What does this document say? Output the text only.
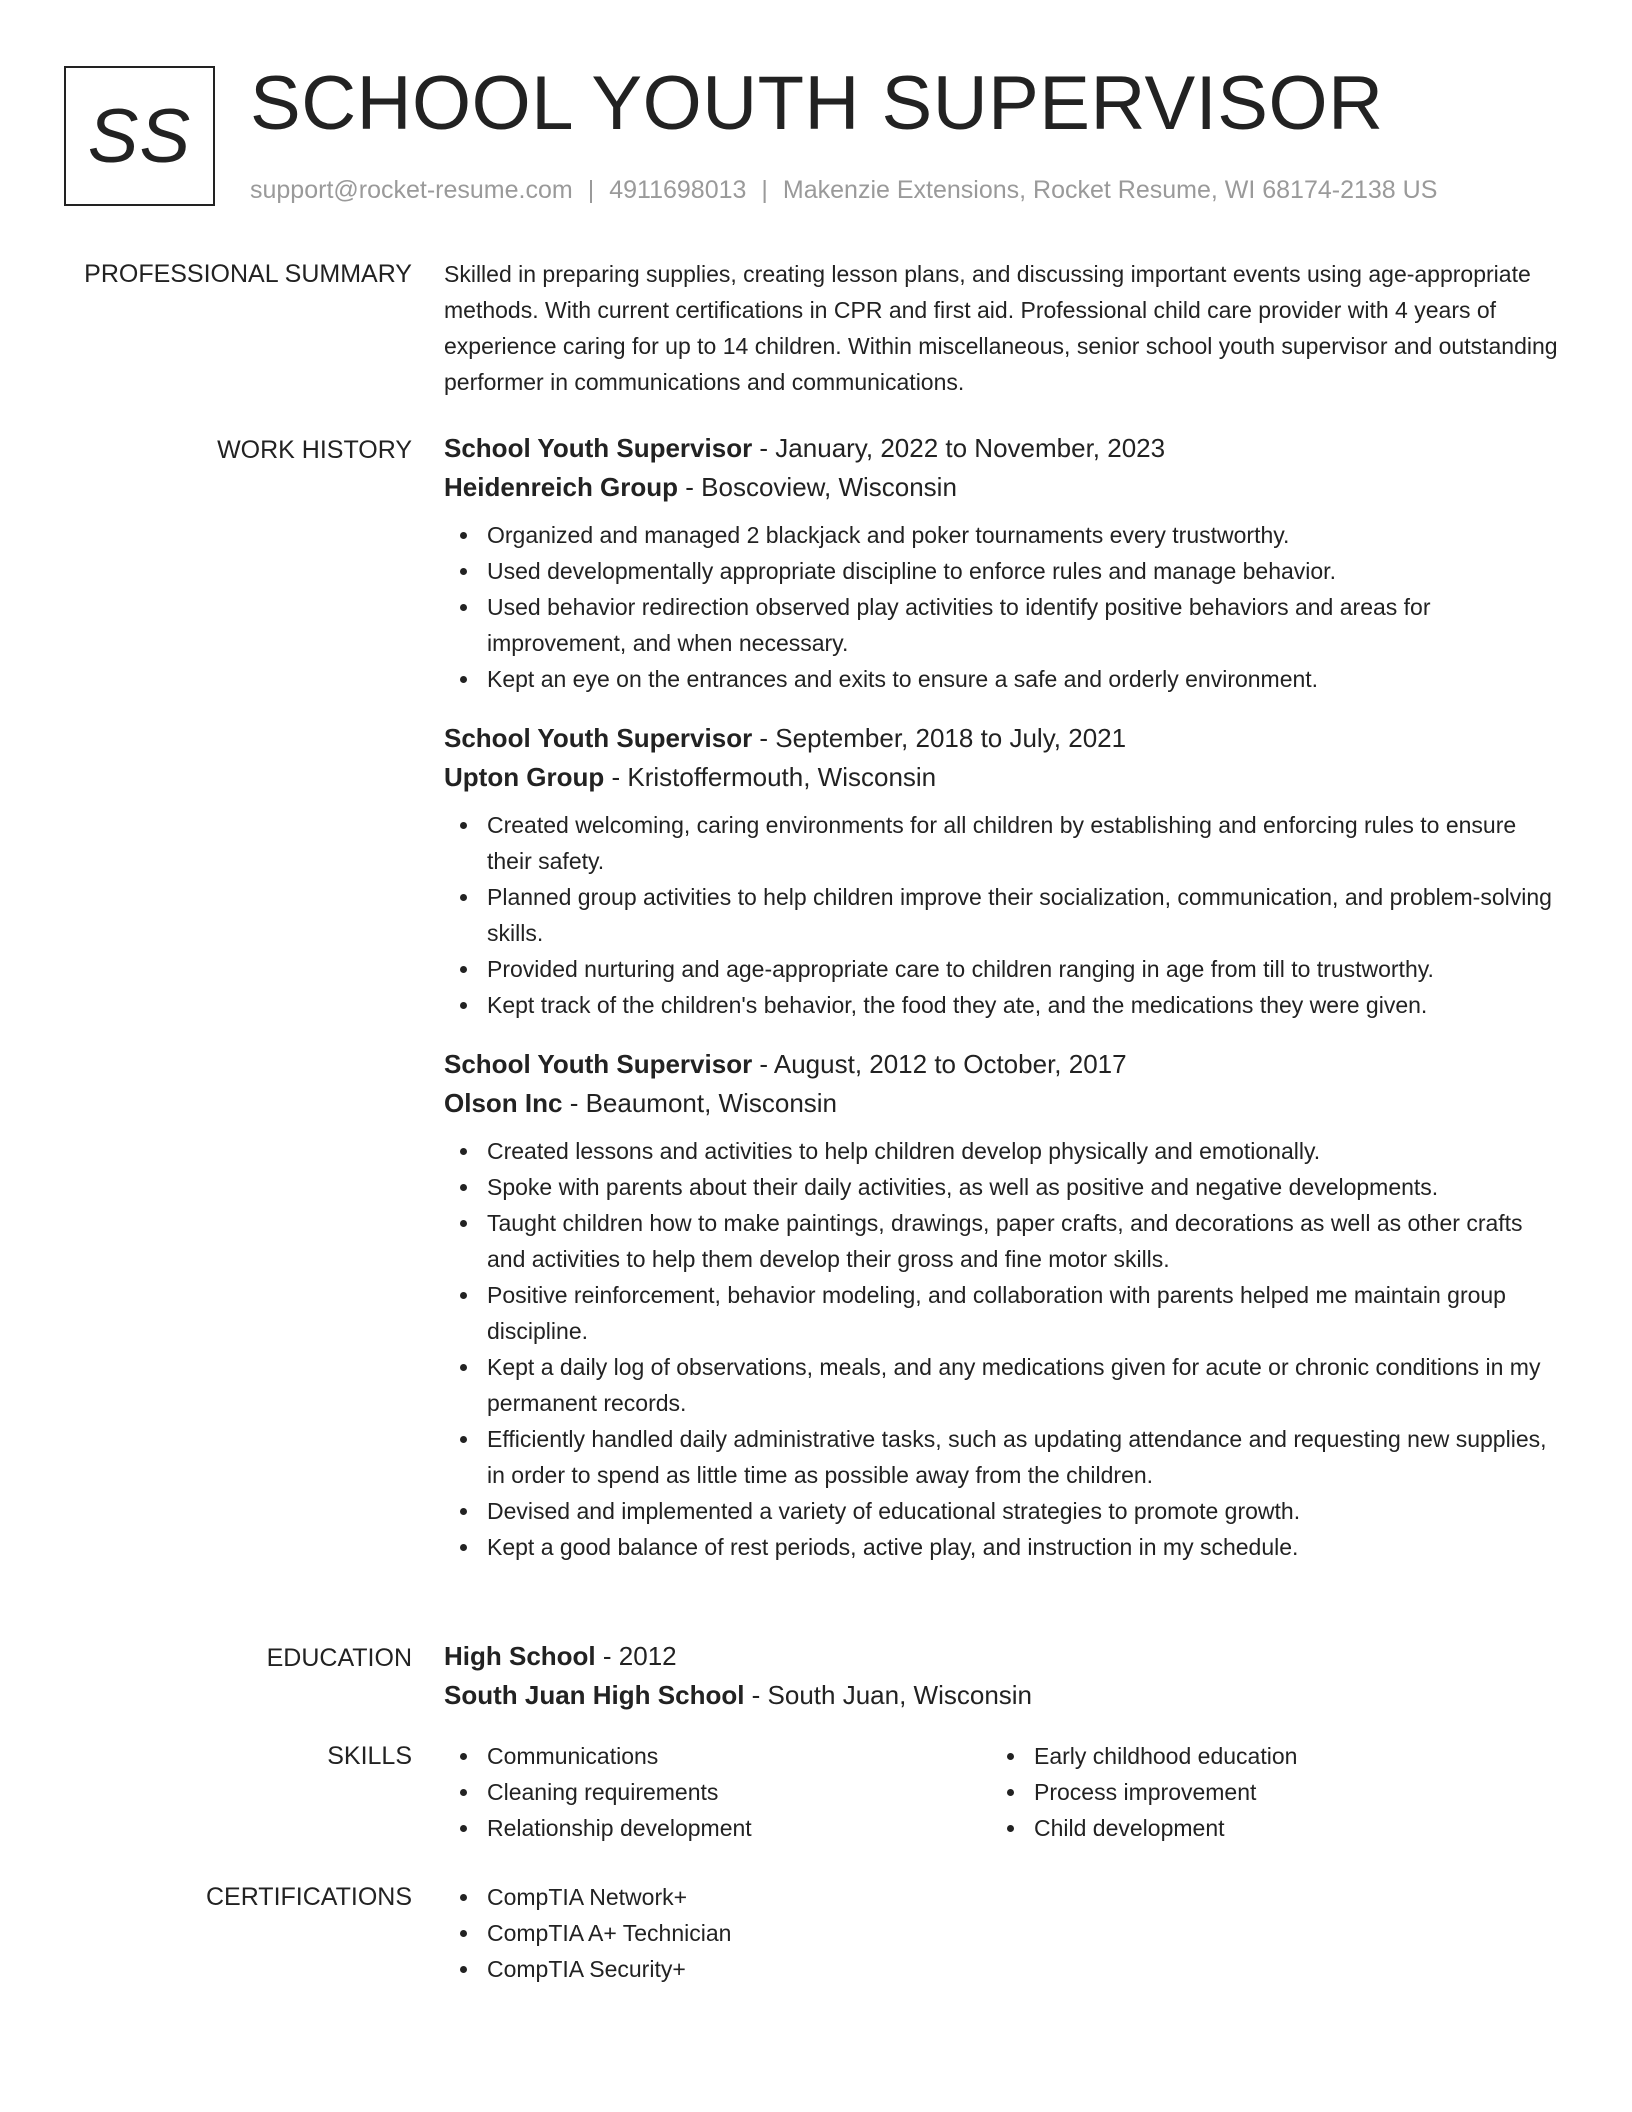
SS SCHOOL YOUTH SUPERVISOR
support@rocket-resume.com | 4911698013 | Makenzie Extensions, Rocket Resume, WI 68174-2138 US
PROFESSIONAL SUMMARY Skilled in preparing supplies, creating lesson plans, and discussing important events using age-appropriate methods. With current certifications in CPR and first aid. Professional child care provider with 4 years of experience caring for up to 14 children. Within miscellaneous, senior school youth supervisor and outstanding performer in communications and communications.

WORK HISTORY School Youth Supervisor - January, 2022 to November, 2023
Heidenreich Group - Boscoview, Wisconsin
Organized and managed 2 blackjack and poker tournaments every trustworthy.
Used developmentally appropriate discipline to enforce rules and manage behavior.
Used behavior redirection observed play activities to identify positive behaviors and areas for improvement, and when necessary.
Kept an eye on the entrances and exits to ensure a safe and orderly environment.
School Youth Supervisor - September, 2018 to July, 2021
Upton Group - Kristoffermouth, Wisconsin
Created welcoming, caring environments for all children by establishing and enforcing rules to ensure their safety.
Planned group activities to help children improve their socialization, communication, and problem-solving skills.
Provided nurturing and age-appropriate care to children ranging in age from till to trustworthy.
Kept track of the children's behavior, the food they ate, and the medications they were given.
School Youth Supervisor - August, 2012 to October, 2017
Olson Inc - Beaumont, Wisconsin
Created lessons and activities to help children develop physically and emotionally.
Spoke with parents about their daily activities, as well as positive and negative developments.
Taught children how to make paintings, drawings, paper crafts, and decorations as well as other crafts and activities to help them develop their gross and fine motor skills.
Positive reinforcement, behavior modeling, and collaboration with parents helped me maintain group discipline.
Kept a daily log of observations, meals, and any medications given for acute or chronic conditions in my permanent records.
Efficiently handled daily administrative tasks, such as updating attendance and requesting new supplies, in order to spend as little time as possible away from the children.
Devised and implemented a variety of educational strategies to promote growth.
Kept a good balance of rest periods, active play, and instruction in my schedule.
EDUCATION High School - 2012
South Juan High School - South Juan, Wisconsin
SKILLS	Communications
Cleaning requirements
Relationship development
Early childhood education
Process improvement
Child development
CERTIFICATIONS	CompTIA Network+
CompTIA A+ Technician
CompTIA Security+
